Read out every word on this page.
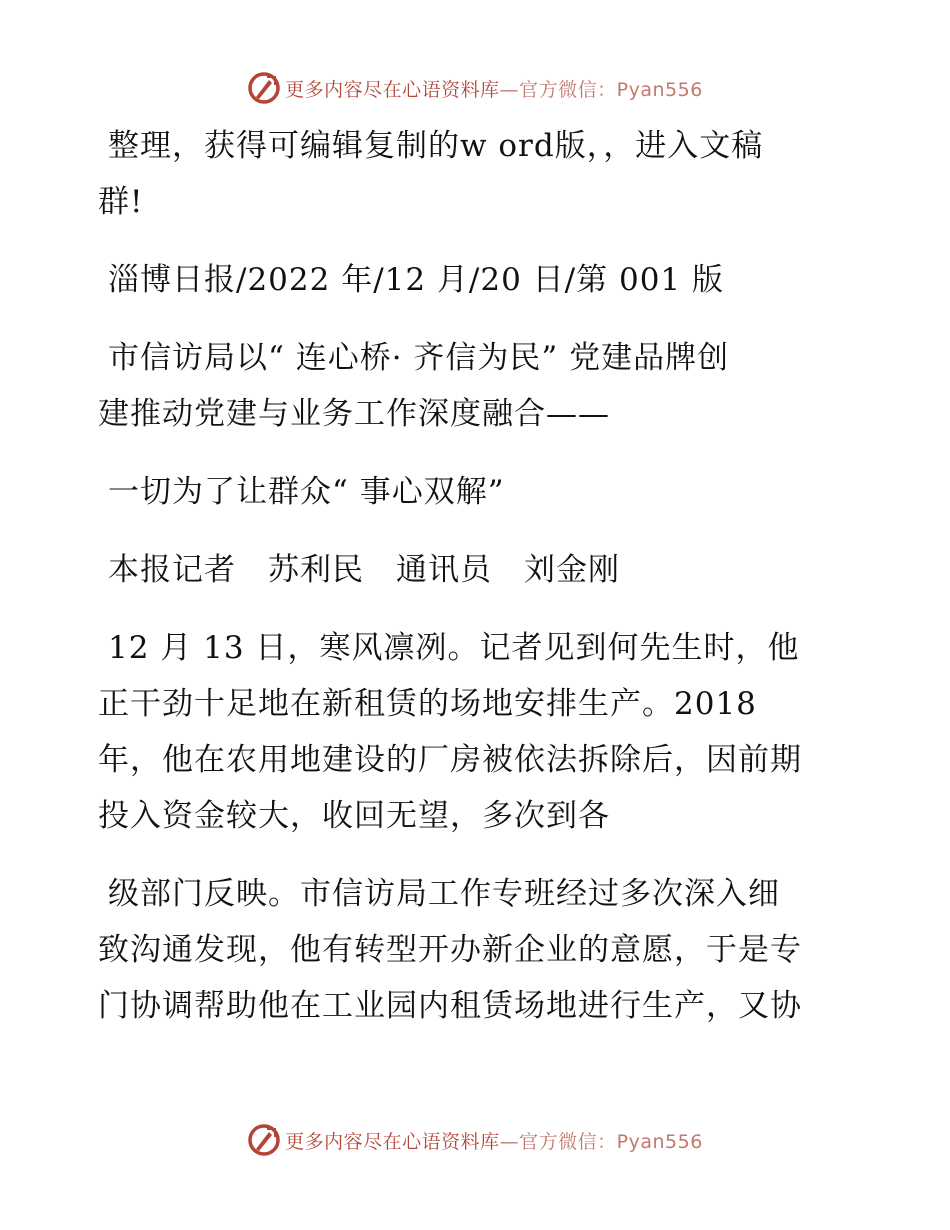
更多内容尽在心语资料库—官方微信：Pyan556
整理，获得可编辑复制的w ord版，，进入文稿
群!
淄博日报/2022 年/12 月/20 日/第 001 版
市信访局以“ 连心桥· 齐信为民” 党建品牌创
建推动党建与业务工作深度融合——
一切为了让群众“ 事心双解”
本报记者　苏利民　通讯员　刘金刚
12 月 13 日，寒风凛冽。记者见到何先生时，他
正干劲十足地在新租赁的场地安排生产。2018
年，他在农用地建设的厂房被依法拆除后，因前期
投入资金较大，收回无望，多次到各
级部门反映。市信访局工作专班经过多次深入细
致沟通发现，他有转型开办新企业的意愿，于是专
门协调帮助他在工业园内租赁场地进行生产，又协
更多内容尽在心语资料库—官方微信：Pyan556
